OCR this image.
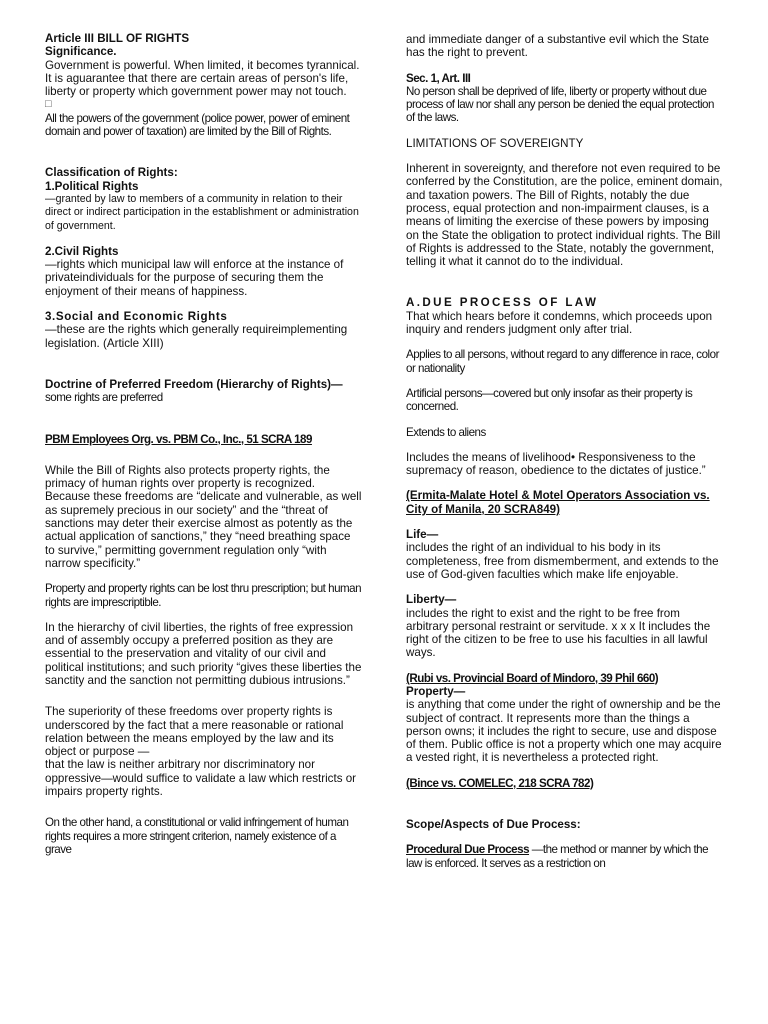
Article III BILL OF RIGHTS

Significance.

Government is powerful. When limited, it becomes tyrannical. It is aguarantee that there are certain areas of person's life, liberty or property which government power may not touch.

□

All the powers of the government (police power, power of eminent domain and power of taxation) are limited by the Bill of Rights.

Classification of Rights:

1.Political Rights

—granted by law to members of a community in relation to their direct or indirect participation in the establishment or administration of government.

2.Civil Rights

—rights which municipal law will enforce at the instance of privateindividuals for the purpose of securing them the enjoyment of their means of happiness.

3.Social and Economic Rights

—these are the rights which generally requireimplementing legislation. (Article XIII)

Doctrine of Preferred Freedom (Hierarchy of Rights)—

some rights are preferred

PBM Employees Org. vs. PBM Co., Inc., 51 SCRA 189

While the Bill of Rights also protects property rights, the primacy of human rights over property is recognized. Because these freedoms are “delicate and vulnerable, as well as supremely precious in our society” and the “threat of sanctions may deter their exercise almost as potently as the actual application of sanctions,” they “need breathing space to survive,” permitting government regulation only “with narrow specificity.”

Property and property rights can be lost thru prescription; but human rights are imprescriptible.

In the hierarchy of civil liberties, the rights of free expression and of assembly occupy a preferred position as they are essential to the preservation and vitality of our civil and political institutions; and such priority “gives these liberties the sanctity and the sanction not permitting dubious intrusions.”

The superiority of these freedoms over property rights is underscored by the fact that a mere reasonable or rational relation between the means employed by the law and its object or purpose —

that the law is neither arbitrary nor discriminatory nor oppressive—would suffice to validate a law which restricts or impairs property rights.

On the other hand, a constitutional or valid infringement of human rights requires a more stringent criterion, namely existence of a grave

and immediate danger of a substantive evil which the State has the right to prevent.

Sec. 1, Art. III

No person shall be deprived of life, liberty or property without due process of law nor shall any person be denied the equal protection of the laws.

LIMITATIONS OF SOVEREIGNTY

Inherent in sovereignty, and therefore not even required to be conferred by the Constitution, are the police, eminent domain, and taxation powers. The Bill of Rights, notably the due process, equal protection and non-impairment clauses, is a means of limiting the exercise of these powers by imposing on the State the obligation to protect individual rights. The Bill of Rights is addressed to the State, notably the government, telling it what it cannot do to the individual.

A.DUE PROCESS OF LAW

That which hears before it condemns, which proceeds upon inquiry and renders judgment only after trial.

Applies to all persons, without regard to any difference in race, color or nationality

Artificial persons—covered but only insofar as their property is concerned.

Extends to aliens

Includes the means of livelihood• Responsiveness to the supremacy of reason, obedience to the dictates of justice.”

(Ermita-Malate Hotel & Motel Operators Association vs. City of Manila, 20 SCRA849)

Life—

includes the right of an individual to his body in its completeness, free from dismemberment, and extends to the use of God-given faculties which make life enjoyable.

Liberty—

includes the right to exist and the right to be free from arbitrary personal restraint or servitude. x x x It includes the right of the citizen to be free to use his faculties in all lawful ways.

(Rubi vs. Provincial Board of Mindoro, 39 Phil 660)

Property—

is anything that come under the right of ownership and be the subject of contract. It represents more than the things a person owns; it includes the right to secure, use and dispose of them. Public office is not a property which one may acquire a vested right, it is nevertheless a protected right.

(Bince vs. COMELEC, 218 SCRA 782)

Scope/Aspects of Due Process:

Procedural Due Process —the method or manner by which the law is enforced. It serves as a restriction on
